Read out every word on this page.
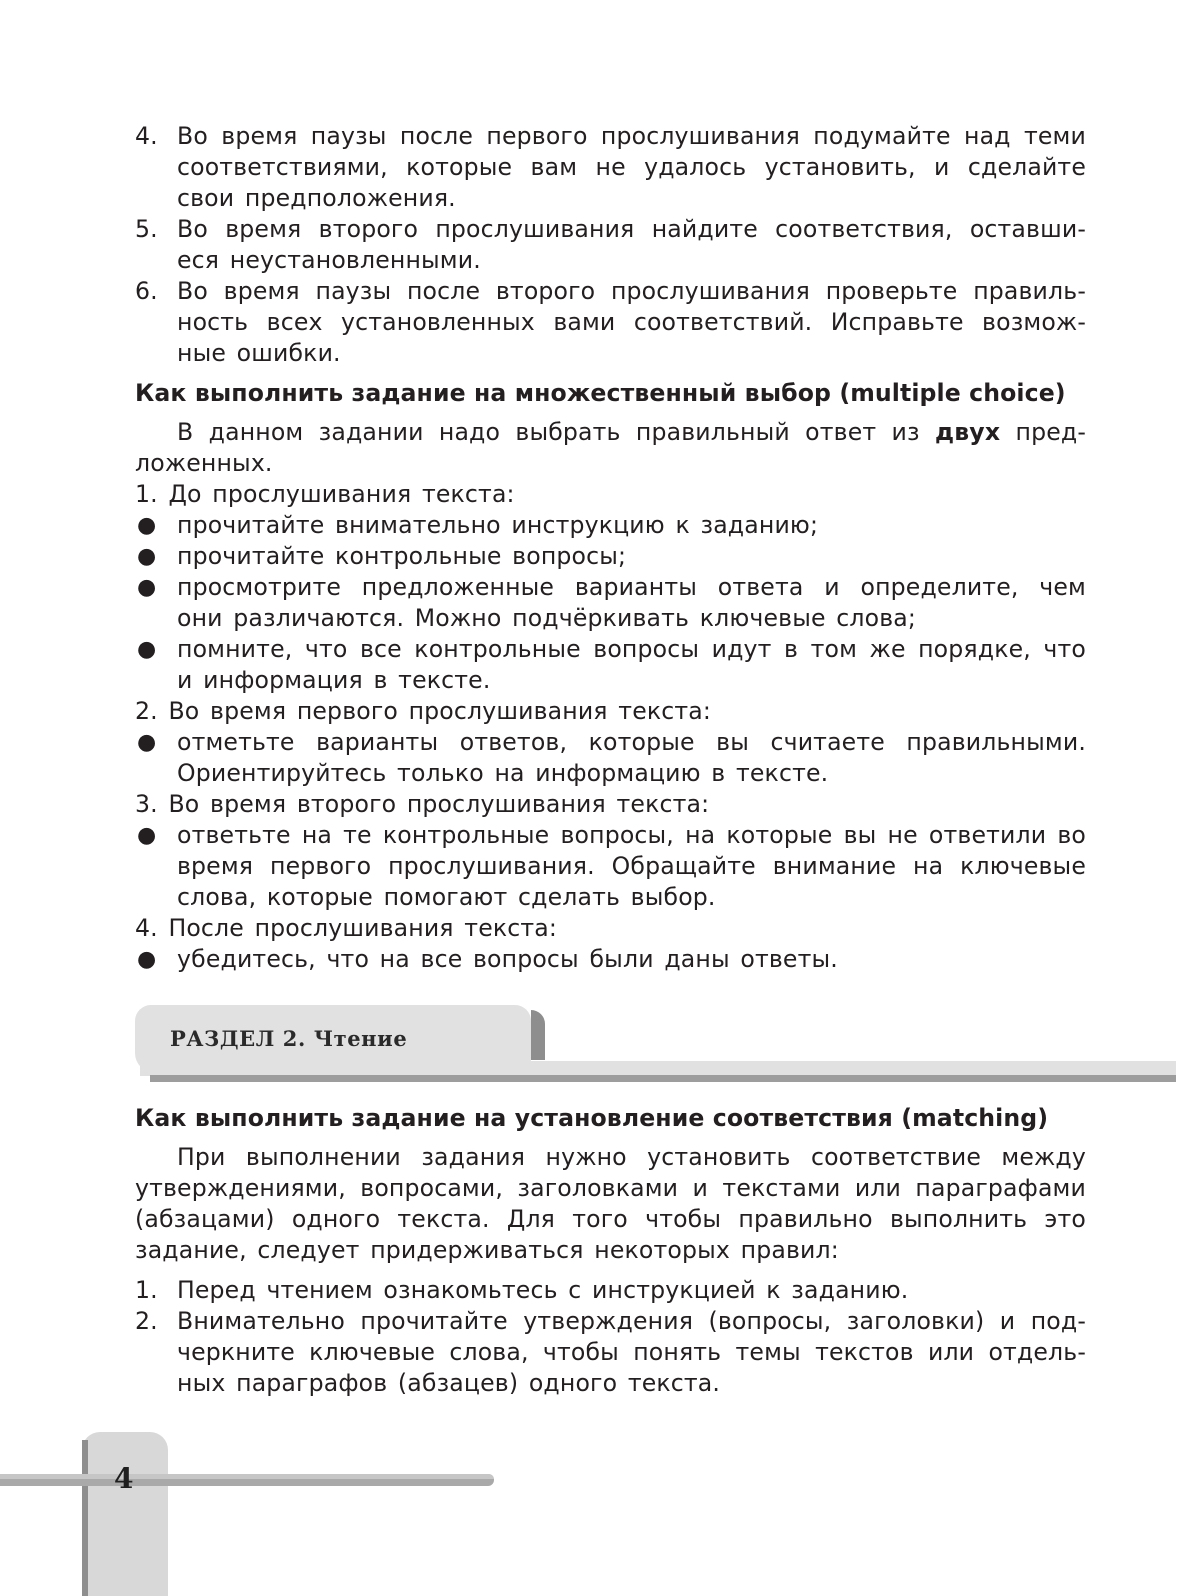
4. Во время паузы после первого прослушивания подумайте над теми
соответствиями, которые вам не удалось установить, и сделайте
свои предположения.
5. Во время второго прослушивания найдите соответствия, оставши-
еся неустановленными.
6. Во время паузы после второго прослушивания проверьте правиль-
ность всех установленных вами соответствий. Исправьте возмож-
ные ошибки.
Как выполнить задание на множественный выбор (multiple choice)
В данном задании надо выбрать правильный ответ из двух пред-
ложенных.
1. До прослушивания текста:
● прочитайте внимательно инструкцию к заданию;
● прочитайте контрольные вопросы;
● просмотрите предложенные варианты ответа и определите, чем
они различаются. Можно подчёркивать ключевые слова;
● помните, что все контрольные вопросы идут в том же порядке, что
и информация в тексте.
2. Во время первого прослушивания текста:
● отметьте варианты ответов, которые вы считаете правильными.
Ориентируйтесь только на информацию в тексте.
3. Во время второго прослушивания текста:
● ответьте на те контрольные вопросы, на которые вы не ответили во
время первого прослушивания. Обращайте внимание на ключевые
слова, которые помогают сделать выбор.
4. После прослушивания текста:
● убедитесь, что на все вопросы были даны ответы.
РАЗДЕЛ 2. Чтение
Как выполнить задание на установление соответствия (matching)
При выполнении задания нужно установить соответствие между
утверждениями, вопросами, заголовками и текстами или параграфами
(абзацами) одного текста. Для того чтобы правильно выполнить это
задание, следует придерживаться некоторых правил:
1. Перед чтением ознакомьтесь с инструкцией к заданию.
2. Внимательно прочитайте утверждения (вопросы, заголовки) и под-
черкните ключевые слова, чтобы понять темы текстов или отдель-
ных параграфов (абзацев) одного текста.
4
